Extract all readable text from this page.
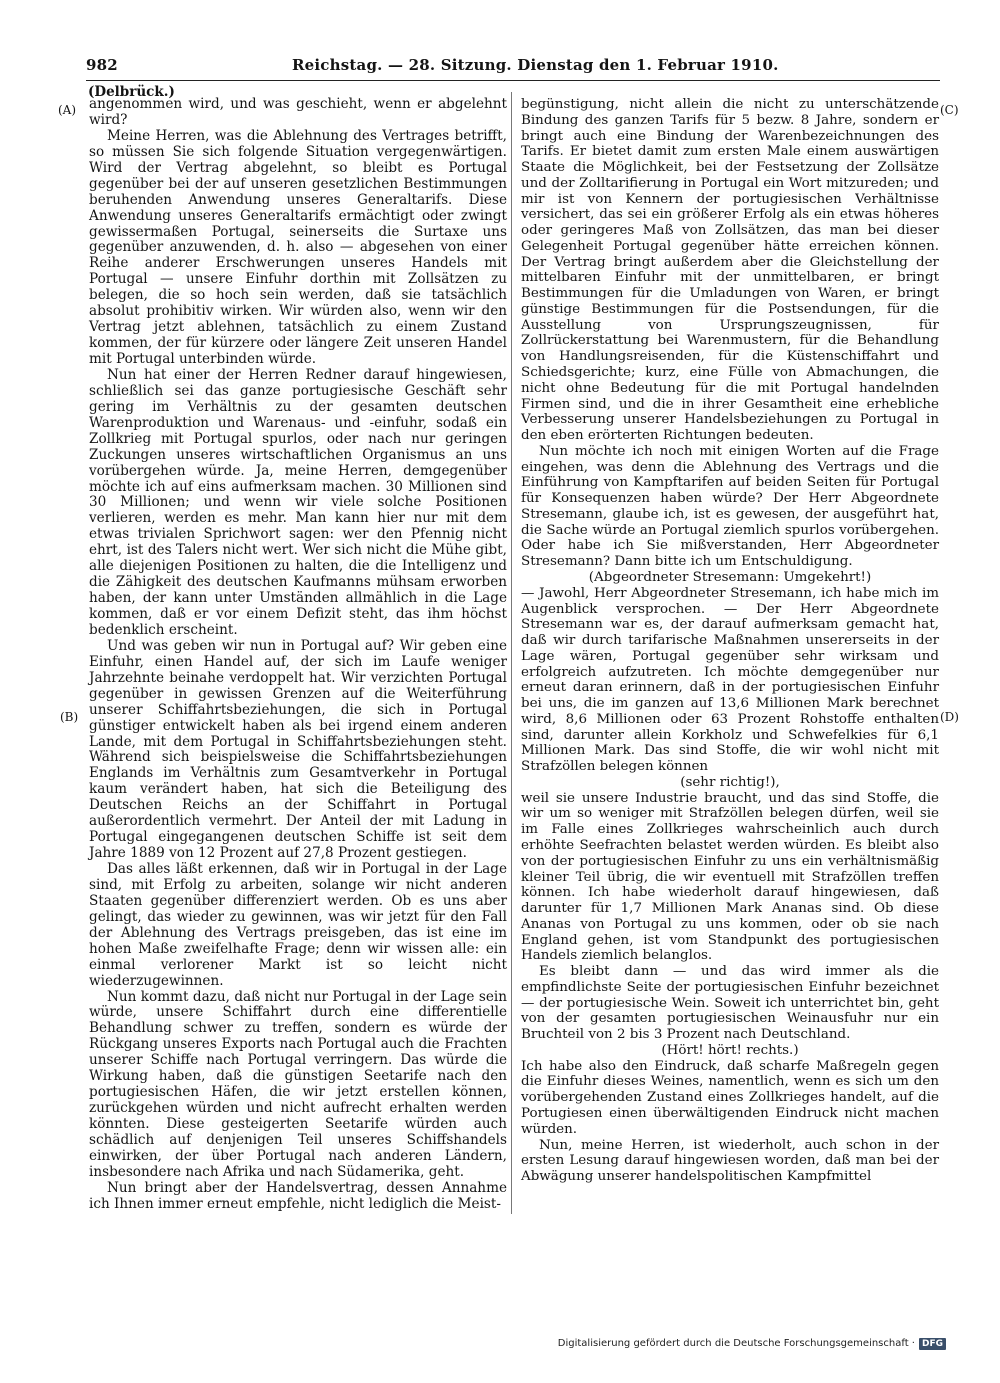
982	Reichstag. — 28. Sitzung. Dienstag den 1. Februar 1910.
(Delbrück.)
(A)
(B)
(C)
(D)

angenommen wird, und was geschieht, wenn er abgelehnt wird?

Meine Herren, was die Ablehnung des Vertrages betrifft, so müssen Sie sich folgende Situation vergegenwärtigen. Wird der Vertrag abgelehnt, so bleibt es Portugal gegenüber bei der auf unseren gesetzlichen Bestimmungen beruhenden Anwendung unseres Generaltarifs. Diese Anwendung unseres Generaltarifs ermächtigt oder zwingt gewissermaßen Portugal, seinerseits die Surtaxe uns gegenüber anzuwenden, d. h. also — abgesehen von einer Reihe anderer Erschwerungen unseres Handels mit Portugal — unsere Einfuhr dorthin mit Zollsätzen zu belegen, die so hoch sein werden, daß sie tatsächlich absolut prohibitiv wirken. Wir würden also, wenn wir den Vertrag jetzt ablehnen, tatsächlich zu einem Zustand kommen, der für kürzere oder längere Zeit unseren Handel mit Portugal unterbinden würde.

Nun hat einer der Herren Redner darauf hingewiesen, schließlich sei das ganze portugiesische Geschäft sehr gering im Verhältnis zu der gesamten deutschen Warenproduktion und Warenaus- und -einfuhr, sodaß ein Zollkrieg mit Portugal spurlos, oder nach nur geringen Zuckungen unseres wirtschaftlichen Organismus an uns vorübergehen würde. Ja, meine Herren, demgegenüber möchte ich auf eins aufmerksam machen. 30 Millionen sind 30 Millionen; und wenn wir viele solche Positionen verlieren, werden es mehr. Man kann hier nur mit dem etwas trivialen Sprichwort sagen: wer den Pfennig nicht ehrt, ist des Talers nicht wert. Wer sich nicht die Mühe gibt, alle diejenigen Positionen zu halten, die die Intelligenz und die Zähigkeit des deutschen Kaufmanns mühsam erworben haben, der kann unter Umständen allmählich in die Lage kommen, daß er vor einem Defizit steht, das ihm höchst bedenklich erscheint.

Und was geben wir nun in Portugal auf? Wir geben eine Einfuhr, einen Handel auf, der sich im Laufe weniger Jahrzehnte beinahe verdoppelt hat. Wir verzichten Portugal gegenüber in gewissen Grenzen auf die Weiterführung unserer Schiffahrtsbeziehungen, die sich in Portugal günstiger entwickelt haben als bei irgend einem anderen Lande, mit dem Portugal in Schiffahrtsbeziehungen steht. Während sich beispielsweise die Schiffahrtsbeziehungen Englands im Verhältnis zum Gesamtverkehr in Portugal kaum verändert haben, hat sich die Beteiligung des Deutschen Reichs an der Schiffahrt in Portugal außerordentlich vermehrt. Der Anteil der mit Ladung in Portugal eingegangenen deutschen Schiffe ist seit dem Jahre 1889 von 12 Prozent auf 27,8 Prozent gestiegen.

Das alles läßt erkennen, daß wir in Portugal in der Lage sind, mit Erfolg zu arbeiten, solange wir nicht anderen Staaten gegenüber differenziert werden. Ob es uns aber gelingt, das wieder zu gewinnen, was wir jetzt für den Fall der Ablehnung des Vertrags preisgeben, das ist eine im hohen Maße zweifelhafte Frage; denn wir wissen alle: ein einmal verlorener Markt ist so leicht nicht wiederzugewinnen.

Nun kommt dazu, daß nicht nur Portugal in der Lage sein würde, unsere Schiffahrt durch eine differentielle Behandlung schwer zu treffen, sondern es würde der Rückgang unseres Exports nach Portugal auch die Frachten unserer Schiffe nach Portugal verringern. Das würde die Wirkung haben, daß die günstigen Seetarife nach den portugiesischen Häfen, die wir jetzt erstellen können, zurückgehen würden und nicht aufrecht erhalten werden könnten. Diese gesteigerten Seetarife würden auch schädlich auf denjenigen Teil unseres Schiffshandels einwirken, der über Portugal nach anderen Ländern, insbesondere nach Afrika und nach Südamerika, geht.

Nun bringt aber der Handelsvertrag, dessen Annahme ich Ihnen immer erneut empfehle, nicht lediglich die Meist-

begünstigung, nicht allein die nicht zu unterschätzende Bindung des ganzen Tarifs für 5 bezw. 8 Jahre, sondern er bringt auch eine Bindung der Warenbezeichnungen des Tarifs. Er bietet damit zum ersten Male einem auswärtigen Staate die Möglichkeit, bei der Festsetzung der Zollsätze und der Zolltarifierung in Portugal ein Wort mitzureden; und mir ist von Kennern der portugiesischen Verhältnisse versichert, das sei ein größerer Erfolg als ein etwas höheres oder geringeres Maß von Zollsätzen, das man bei dieser Gelegenheit Portugal gegenüber hätte erreichen können. Der Vertrag bringt außerdem aber die Gleichstellung der mittelbaren Einfuhr mit der unmittelbaren, er bringt Bestimmungen für die Umladungen von Waren, er bringt günstige Bestimmungen für die Postsendungen, für die Ausstellung von Ursprungszeugnissen, für Zollrückerstattung bei Warenmustern, für die Behandlung von Handlungsreisenden, für die Küstenschiffahrt und Schiedsgerichte; kurz, eine Fülle von Abmachungen, die nicht ohne Bedeutung für die mit Portugal handelnden Firmen sind, und die in ihrer Gesamtheit eine erhebliche Verbesserung unserer Handelsbeziehungen zu Portugal in den eben erörterten Richtungen bedeuten.

Nun möchte ich noch mit einigen Worten auf die Frage eingehen, was denn die Ablehnung des Vertrags und die Einführung von Kampftarifen auf beiden Seiten für Portugal für Konsequenzen haben würde? Der Herr Abgeordnete Stresemann, glaube ich, ist es gewesen, der ausgeführt hat, die Sache würde an Portugal ziemlich spurlos vorübergehen. Oder habe ich Sie mißverstanden, Herr Abgeordneter Stresemann? Dann bitte ich um Entschuldigung.

(Abgeordneter Stresemann: Umgekehrt!)

— Jawohl, Herr Abgeordneter Stresemann, ich habe mich im Augenblick versprochen. — Der Herr Abgeordnete Stresemann war es, der darauf aufmerksam gemacht hat, daß wir durch tarifarische Maßnahmen unsererseits in der Lage wären, Portugal gegenüber sehr wirksam und erfolgreich aufzutreten. Ich möchte demgegenüber nur erneut daran erinnern, daß in der portugiesischen Einfuhr bei uns, die im ganzen auf 13,6 Millionen Mark berechnet wird, 8,6 Millionen oder 63 Prozent Rohstoffe enthalten sind, darunter allein Korkholz und Schwefelkies für 6,1 Millionen Mark. Das sind Stoffe, die wir wohl nicht mit Strafzöllen belegen können

(sehr richtig!),

weil sie unsere Industrie braucht, und das sind Stoffe, die wir um so weniger mit Strafzöllen belegen dürfen, weil sie im Falle eines Zollkrieges wahrscheinlich auch durch erhöhte Seefrachten belastet werden würden. Es bleibt also von der portugiesischen Einfuhr zu uns ein verhältnismäßig kleiner Teil übrig, die wir eventuell mit Strafzöllen treffen können. Ich habe wiederholt darauf hingewiesen, daß darunter für 1,7 Millionen Mark Ananas sind. Ob diese Ananas von Portugal zu uns kommen, oder ob sie nach England gehen, ist vom Standpunkt des portugiesischen Handels ziemlich belanglos.

Es bleibt dann — und das wird immer als die empfindlichste Seite der portugiesischen Einfuhr bezeichnet — der portugiesische Wein. Soweit ich unterrichtet bin, geht von der gesamten portugiesischen Weinausfuhr nur ein Bruchteil von 2 bis 3 Prozent nach Deutschland.

(Hört! hört! rechts.)

Ich habe also den Eindruck, daß scharfe Maßregeln gegen die Einfuhr dieses Weines, namentlich, wenn es sich um den vorübergehenden Zustand eines Zollkrieges handelt, auf die Portugiesen einen überwältigenden Eindruck nicht machen würden.

Nun, meine Herren, ist wiederholt, auch schon in der ersten Lesung darauf hingewiesen worden, daß man bei der Abwägung unserer handelspolitischen Kampfmittel

Digitalisierung gefördert durch die Deutsche Forschungsgemeinschaft · DFG
